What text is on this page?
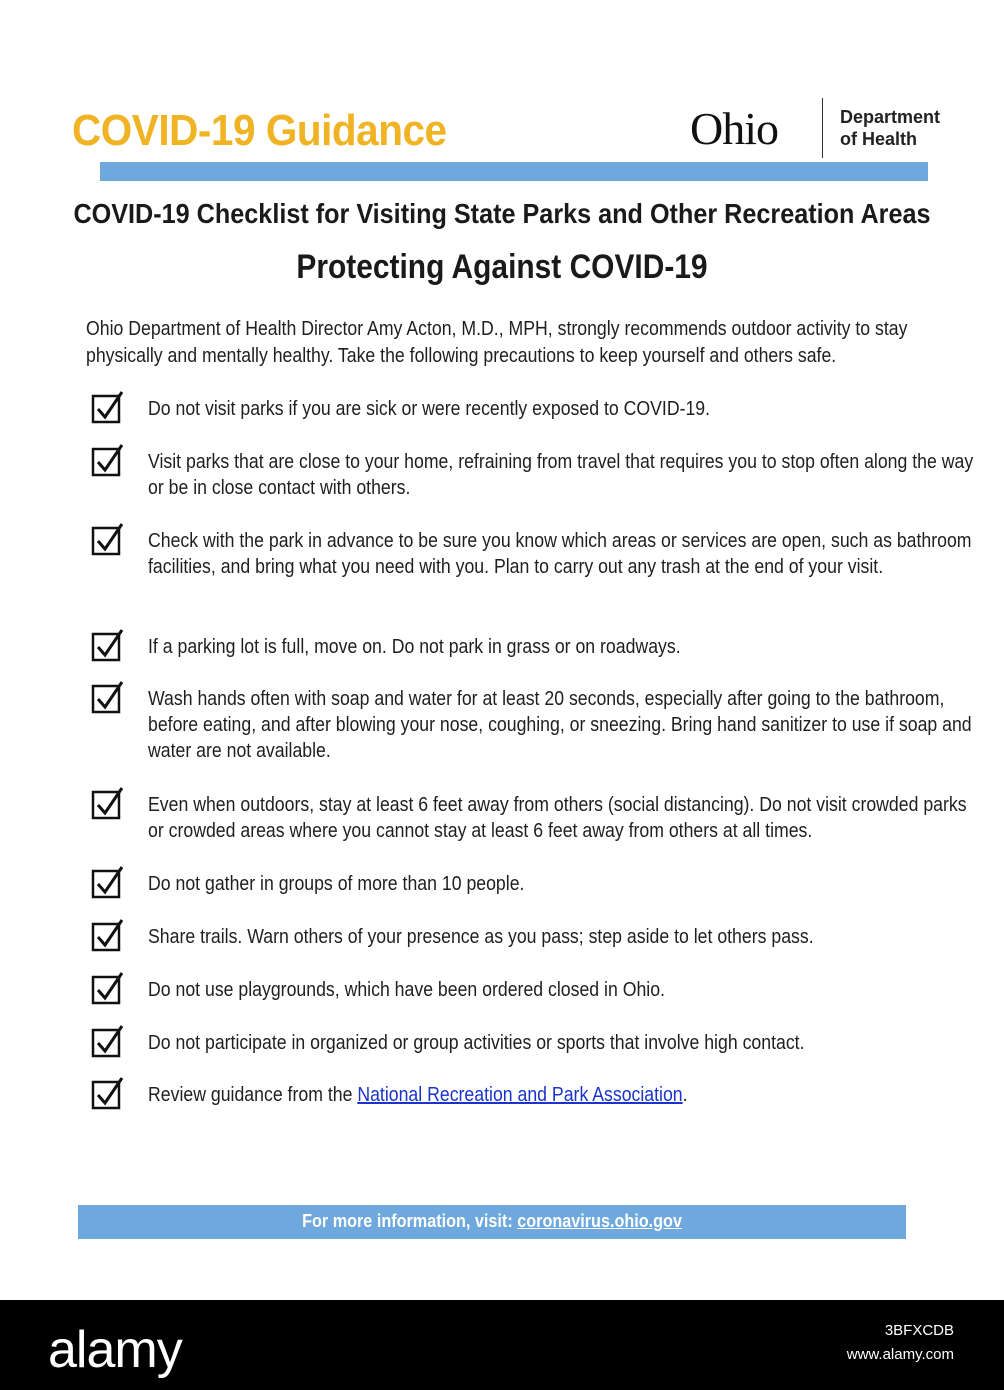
COVID-19 Guidance	Ohio	Department
of Health
COVID-19 Checklist for Visiting State Parks and Other Recreation Areas
Protecting Against COVID-19
Ohio Department of Health Director Amy Acton, M.D., MPH, strongly recommends outdoor activity to stay physically and mentally healthy. Take the following precautions to keep yourself and others safe.
Do not visit parks if you are sick or were recently exposed to COVID-19.
Visit parks that are close to your home, refraining from travel that requires you to stop often along the way or be in close contact with others.
Check with the park in advance to be sure you know which areas or services are open, such as bathroom facilities, and bring what you need with you. Plan to carry out any trash at the end of your visit.
If a parking lot is full, move on. Do not park in grass or on roadways.
Wash hands often with soap and water for at least 20 seconds, especially after going to the bathroom, before eating, and after blowing your nose, coughing, or sneezing. Bring hand sanitizer to use if soap and water are not available.
Even when outdoors, stay at least 6 feet away from others (social distancing). Do not visit crowded parks or crowded areas where you cannot stay at least 6 feet away from others at all times.
Do not gather in groups of more than 10 people.
Share trails. Warn others of your presence as you pass; step aside to let others pass.
Do not use playgrounds, which have been ordered closed in Ohio.
Do not participate in organized or group activities or sports that involve high contact.
Review guidance from the National Recreation and Park Association.
For more information, visit: coronavirus.ohio.gov
alamy	3BFXCDB
www.alamy.com
